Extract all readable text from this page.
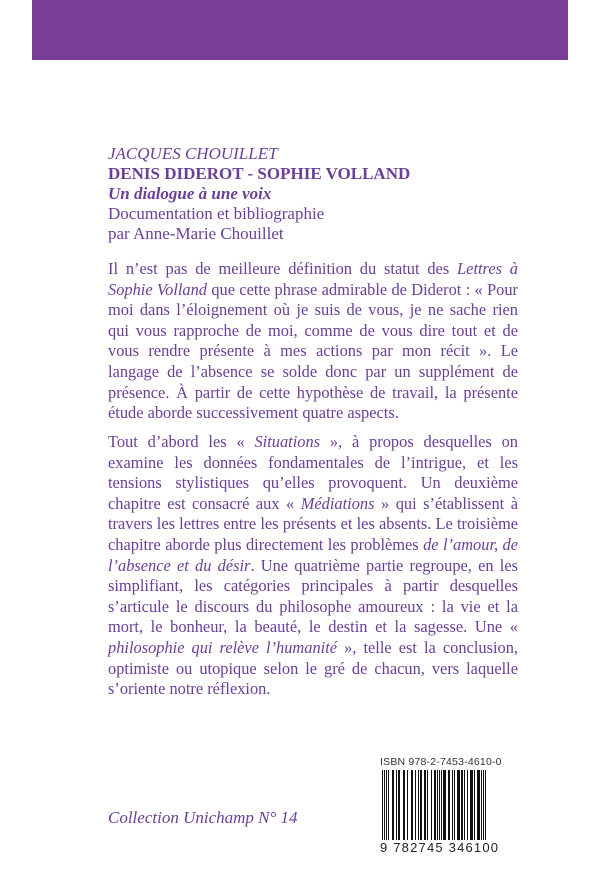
JACQUES CHOUILLET
DENIS DIDEROT - SOPHIE VOLLAND
Un dialogue à une voix
Documentation et bibliographie
par Anne-Marie Chouillet
Il n’est pas de meilleure définition du statut des Lettres à Sophie Volland que cette phrase admirable de Diderot : « Pour moi dans l’éloignement où je suis de vous, je ne sache rien qui vous rapproche de moi, comme de vous dire tout et de vous rendre présente à mes actions par mon récit ». Le langage de l’absence se solde donc par un supplément de présence. À partir de cette hypothèse de travail, la présente étude aborde successivement quatre aspects.
Tout d’abord les « Situations », à propos desquelles on examine les données fondamentales de l’intrigue, et les tensions stylistiques qu’elles provoquent. Un deuxième chapitre est consacré aux « Médiations » qui s’établissent à travers les lettres entre les présents et les absents. Le troisième chapitre aborde plus directement les problèmes de l’amour, de l’absence et du désir. Une quatrième partie regroupe, en les simplifiant, les catégories principales à partir desquelles s’articule le discours du philosophe amoureux : la vie et la mort, le bonheur, la beauté, le destin et la sagesse. Une « philosophie qui relève l’humanité », telle est la conclusion, optimiste ou utopique selon le gré de chacun, vers laquelle s’oriente notre réflexion.
ISBN 978-2-7453-4610-0
9 782745 346100
Collection Unichamp N° 14
